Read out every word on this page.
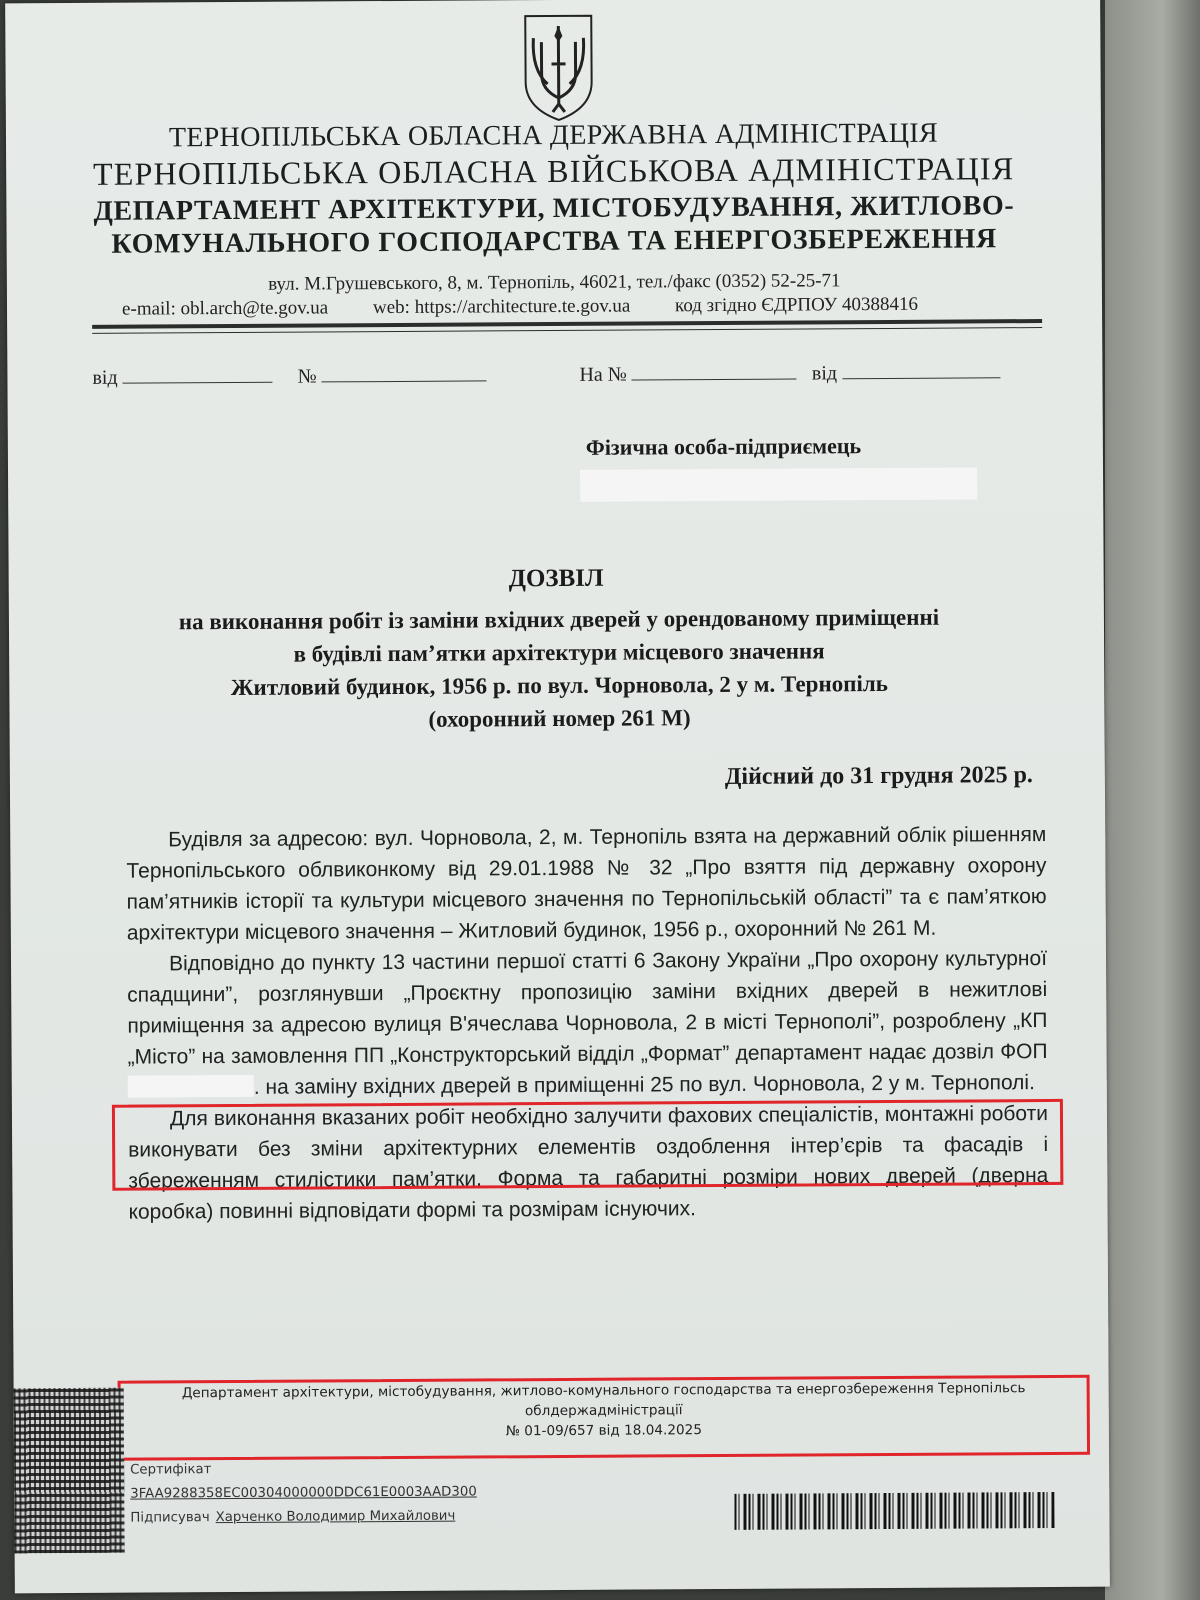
ТЕРНОПІЛЬСЬКА ОБЛАСНА ДЕРЖАВНА АДМІНІСТРАЦІЯ
ТЕРНОПІЛЬСЬКА ОБЛАСНА ВІЙСЬКОВА АДМІНІСТРАЦІЯ
ДЕПАРТАМЕНТ АРХІТЕКТУРИ, МІСТОБУДУВАННЯ, ЖИТЛОВО-
КОМУНАЛЬНОГО ГОСПОДАРСТВА ТА ЕНЕРГОЗБЕРЕЖЕННЯ
вул. М.Грушевського, 8, м. Тернопіль, 46021, тел./факс (0352) 52-25-71
e-mail: obl.arch@te.gov.ua web: https://architecture.te.gov.ua код згідно ЄДРПОУ 40388416
від	№	На №	від
Фізична особа-підприємець
ДОЗВІЛ
на виконання робіт із заміни вхідних дверей у орендованому приміщенні
в будівлі пам’ятки архітектури місцевого значення
Житловий будинок, 1956 р. по вул. Чорновола, 2 у м. Тернопіль
(охоронний номер 261 М)
Дійсний до 31 грудня 2025 р.

Будівля за адресою: вул. Чорновола, 2, м. Тернопіль взята на державний облік рішенням Тернопільського облвиконкому від 29.01.1988 № 32 „Про взяття під державну охорону пам’ятників історії та культури місцевого значення по Тернопільській області” та є пам’яткою архітектури місцевого значення – Житловий будинок, 1956 р., охоронний № 261 М.

Відповідно до пункту 13 частини першої статті 6 Закону України „Про охорону культурної спадщини”, розглянувши „Проєктну пропозицію заміни вхідних дверей в нежитлові приміщення за адресою вулиця В'ячеслава Чорновола, 2 в місті Тернополі”, розроблену „КП „Місто” на замовлення ПП „Конструкторський відділ „Формат” департамент надає дозвіл ФОП . на заміну вхідних дверей в приміщенні 25 по вул. Чорновола, 2 у м. Тернополі.

Для виконання вказаних робіт необхідно залучити фахових спеціалістів, монтажні роботи виконувати без зміни архітектурних елементів оздоблення інтер’єрів та фасадів і збереженням стилістики пам’ятки. Форма та габаритні розміри нових дверей (дверна коробка) повинні відповідати формі та розмірам існуючих.

Департамент архітектури, містобудування, житлово-комунального господарства та енергозбереження Тернопільсь
облдержадміністрації
№ 01-09/657 від 18.04.2025
Сертифікат
3FAA9288358EC00304000000DDC61E0003AAD300
Підписувач Харченко Володимир Михайлович
